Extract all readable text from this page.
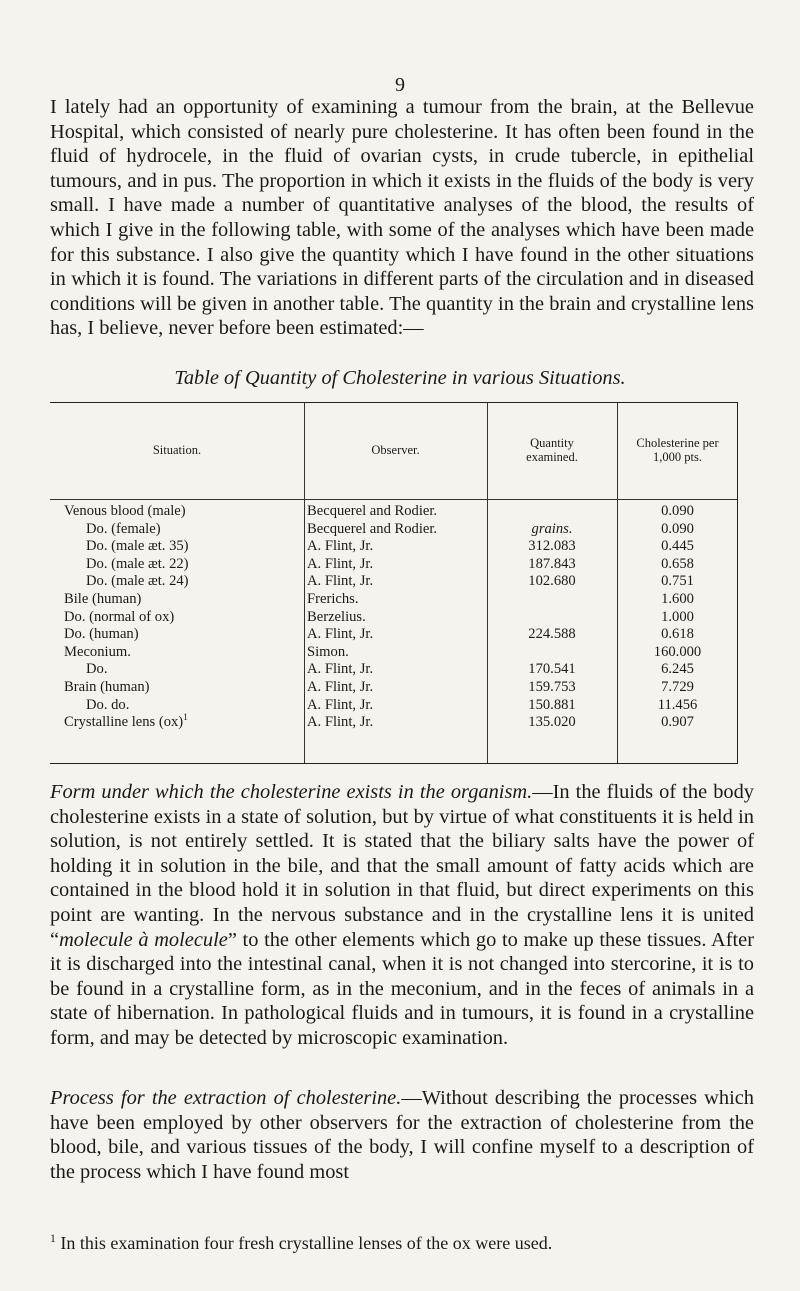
9

I lately had an opportunity of examining a tumour from the brain, at the Bellevue Hospital, which consisted of nearly pure cholesterine. It has often been found in the fluid of hydrocele, in the fluid of ovarian cysts, in crude tubercle, in epithelial tumours, and in pus. The proportion in which it exists in the fluids of the body is very small. I have made a number of quantitative analyses of the blood, the results of which I give in the following table, with some of the analyses which have been made for this substance. I also give the quantity which I have found in the other situations in which it is found. The variations in different parts of the circulation and in diseased conditions will be given in another table. The quantity in the brain and crystalline lens has, I believe, never before been estimated:—

Table of Quantity of Cholesterine in various Situations.
Situation.	Observer.	Quantity examined.
Cholesterine per 1,000 pts.
Venous blood (male)
Do. (female)
Do. (male æt. 35)
Do. (male æt. 22)
Do. (male æt. 24)
Bile (human)
Do. (normal of ox)
Do. (human)
Meconium.
Do.
Brain (human)
Do. do.
Crystalline lens (ox)$^1$
Becquerel and Rodier.
Becquerel and Rodier.
A. Flint, Jr.
A. Flint, Jr.
A. Flint, Jr.
Frerichs.
Berzelius.
A. Flint, Jr.
Simon.
A. Flint, Jr.
A. Flint, Jr.
A. Flint, Jr.
A. Flint, Jr.
grains.
312.083
187.843
102.680
224.588
170.541
159.753
150.881
135.020
0.090
0.090
0.445
0.658
0.751
1.600
1.000
0.618
160.000
6.245
7.729
11.456
0.907

Form under which the cholesterine exists in the organism.—In the fluids of the body cholesterine exists in a state of solution, but by virtue of what constituents it is held in solution, is not entirely settled. It is stated that the biliary salts have the power of holding it in solution in the bile, and that the small amount of fatty acids which are contained in the blood hold it in solution in that fluid, but direct experiments on this point are wanting. In the nervous substance and in the crystalline lens it is united “molecule à molecule” to the other elements which go to make up these tissues. After it is discharged into the intestinal canal, when it is not changed into stercorine, it is to be found in a crystalline form, as in the meconium, and in the feces of animals in a state of hibernation. In pathological fluids and in tumours, it is found in a crystalline form, and may be detected by microscopic examination.

Process for the extraction of cholesterine.—Without describing the processes which have been employed by other observers for the extraction of cholesterine from the blood, bile, and various tissues of the body, I will confine myself to a description of the process which I have found most

$^1$ In this examination four fresh crystalline lenses of the ox were used.
